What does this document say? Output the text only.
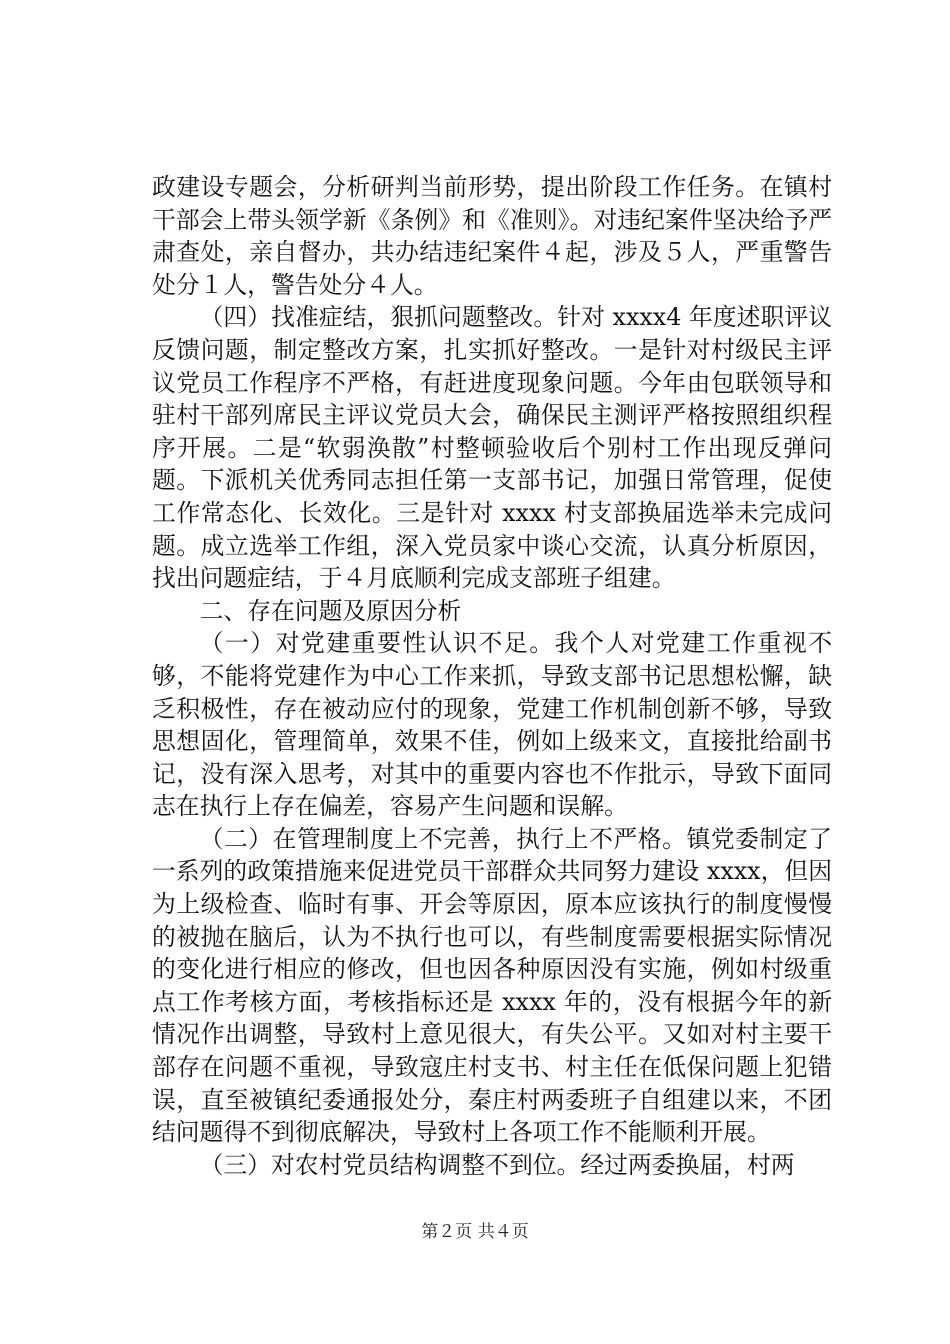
政建设专题会，分析研判当前形势，提出阶段工作任务。在镇村干部会上带头领学新《条例》和《准则》。对违纪案件坚决给予严肃查处，亲自督办，共办结违纪案件４起，涉及５人，严重警告处分１人，警告处分４人。

（四）找准症结，狠抓问题整改。针对 xxxx4 年度述职评议反馈问题，制定整改方案，扎实抓好整改。一是针对村级民主评议党员工作程序不严格，有赶进度现象问题。今年由包联领导和驻村干部列席民主评议党员大会，确保民主测评严格按照组织程序开展。二是“软弱涣散”村整顿验收后个别村工作出现反弹问题。下派机关优秀同志担任第一支部书记，加强日常管理，促使工作常态化、长效化。三是针对 xxxx 村支部换届选举未完成问题。成立选举工作组，深入党员家中谈心交流，认真分析原因，找出问题症结，于４月底顺利完成支部班子组建。

二、存在问题及原因分析

（一）对党建重要性认识不足。我个人对党建工作重视不够，不能将党建作为中心工作来抓，导致支部书记思想松懈，缺乏积极性，存在被动应付的现象，党建工作机制创新不够，导致思想固化，管理简单，效果不佳，例如上级来文，直接批给副书记，没有深入思考，对其中的重要内容也不作批示，导致下面同志在执行上存在偏差，容易产生问题和误解。

（二）在管理制度上不完善，执行上不严格。镇党委制定了一系列的政策措施来促进党员干部群众共同努力建设 xxxx，但因为上级检查、临时有事、开会等原因，原本应该执行的制度慢慢的被抛在脑后，认为不执行也可以，有些制度需要根据实际情况的变化进行相应的修改，但也因各种原因没有实施，例如村级重点工作考核方面，考核指标还是 xxxx 年的，没有根据今年的新情况作出调整，导致村上意见很大，有失公平。又如对村主要干部存在问题不重视，导致寇庄村支书、村主任在低保问题上犯错误，直至被镇纪委通报处分，秦庄村两委班子自组建以来，不团结问题得不到彻底解决，导致村上各项工作不能顺利开展。

（三）对农村党员结构调整不到位。经过两委换届，村两

第２页 共４页
